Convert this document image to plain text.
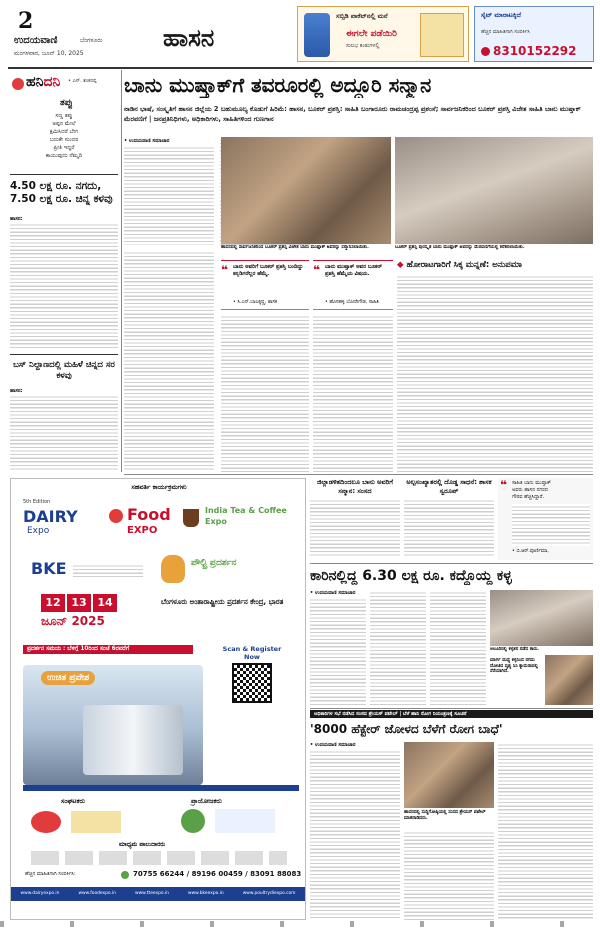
2
ಉದಯವಾಣಿ	ಬೆಂಗಳೂರು
ಮಂಗಳವಾರ, ಜೂನ್ 10, 2025
ಹಾಸನ
ಸಬ್ಸಿಡಿ ಪಾಕೆಟ್‌ನಲ್ಲಿ ಮನೆ
ಈಗಲೇ ಪಡೆಯಿರಿ
ಸುಲಭ ಕಂತುಗಳಲ್ಲಿ
ಸೈಟ್ ಮಾರಾಟಕ್ಕಿದೆ
ಹೆಚ್ಚಿನ ಮಾಹಿತಿಗಾಗಿ ಸಂಪರ್ಕಿಸಿ
8310152292
ಹನಿದನಿ • ಎಸ್. ಶಂಕರಪ್ಪ
ತಪ್ಪು
ಸಣ್ಣ ತಪ್ಪು
ಅಪ್ಪನ ಮೇಲೆ
ಕ್ಷಮಿಸಿದರೆ ಬೇಗ
ಬದುಕೇ ಸುಂದರ
ಪ್ರೀತಿ ಇದ್ದರೆ
ಕಾಯುವುದು ನೆಮ್ಮದಿ
4.50 ಲಕ್ಷ ರೂ. ನಗದು, 7.50 ಲಕ್ಷ ರೂ. ಚಿನ್ನ ಕಳವು
ಹಾಸನ:
ಬಸ್ ನಿಲ್ದಾಣದಲ್ಲಿ ಮಹಿಳೆ ಚಿನ್ನದ ಸರ ಕಳವು
ಹಾಸನ:
ಬಾನು ಮುಷ್ತಾಕ್‌ಗೆ ತವರೂರಲ್ಲಿ ಅದ್ದೂರಿ ಸನ್ಮಾನ
ನಾಡಿನ ಭಾಷೆ, ಸಂಸ್ಕೃತಿಗೆ ಹಾಸನ ಜಿಲ್ಲೆಯ 2 ಬಹುಮೂಲ್ಯ ಕೊಡುಗೆ ಹಿರಿಮೆ: ಹಾಸನ, ಬೂಕರ್ ಪ್ರಶಸ್ತಿ: ಸಾಹಿತಿ ಬಂಗಾರೂರು ರಾಮಚಂದ್ರಪ್ಪ ಪ್ರಶಂಸೆ; ಸಾರ್ವಜನಿಕರಿಂದ ಬೂಕರ್ ಪ್ರಶಸ್ತಿ ವಿಜೇತ ಸಾಹಿತಿ ಬಾನು ಮುಷ್ತಾಕ್ ಮೆರವಣಿಗೆ | ಜನಪ್ರತಿನಿಧಿಗಳು, ಅಧಿಕಾರಿಗಳು, ಸಾಹಿತಿಗಳಿಂದ ಗುಣಗಾನ
• ಉದಯವಾಣಿ ಸಮಾಚಾರ
ಹಾಸನದಲ್ಲಿ ಸಾರ್ವಜನಿಕರಿಂದ ಬೂಕರ್ ಪ್ರಶಸ್ತಿ ವಿಜೇತ ಬಾನು ಮುಷ್ತಾಕ್ ಅವರನ್ನು ಸನ್ಮಾನಿಸಲಾಯಿತು.	ಬೂಕರ್ ಪ್ರಶಸ್ತಿ ಪುರಸ್ಕೃತ ಬಾನು ಮುಷ್ತಾಕ್ ಅವರನ್ನು ಮೆರವಣಿಗೆಯಲ್ಲಿ ಕರೆತರಲಾಯಿತು.
❝ ಬಾನು ಅವರಿಗೆ ಬೂಕರ್ ಪ್ರಶಸ್ತಿ ಬಂದಿದ್ದು ಕನ್ನಡಿಗರೆಲ್ಲರ ಹೆಮ್ಮೆ.
• ಸಿ.ಎನ್.ಬಾಲಕೃಷ್ಣ, ಶಾಸಕ
❝ ಬಾನು ಮುಷ್ತಾಕ್ ಅವರ ಬೂಕರ್ ಪ್ರಶಸ್ತಿ ಹೆಮ್ಮೆಯ ವಿಷಯ.
• ಹೊಸಹಳ್ಳಿ ಬೋರೇಗೌಡ, ಸಾಹಿತಿ
◆ ಹೋರಾಟಗಾರಿಗೆ ಸಿಕ್ಕ ಮನ್ನಣೆ: ಅನುಪಮಾ
ಜಿಲ್ಲಾಡಳಿತದಿಂದಲೂ ಬಾನು ಅವರಿಗೆ ಸನ್ಮಾನ: ಸಂಸದ
ಅಲ್ಪಸಂಖ್ಯಾತರಲ್ಲಿ ದೊಡ್ಡ ಸಾಧನೆ: ಶಾಸಕ ಸ್ವರೂಪ್	❝ ಸಾಹಿತಿ ಬಾನು ಮುಷ್ತಾಕ್
ಅವರು ಹಾಸನ ನಗರದ
ಗೌರವ ಹೆಚ್ಚಿಸಿದ್ದಾರೆ.
• ಬಿ.ಆರ್.ಪೂರ್ಣಿಮಾ,
ಸಹವರ್ತಿ ಕಾರ್ಯಕ್ರಮಗಳು
5th Edition
DAIRY
Expo
Food
EXPO
India Tea & Coffee Expo
BKE	ಪೌಲ್ಟ್ರಿ ಪ್ರದರ್ಶನ
12 13 14
ಜೂನ್ 2025
ಬೆಂಗಳೂರು ಅಂತಾರಾಷ್ಟ್ರೀಯ ಪ್ರದರ್ಶನ ಕೇಂದ್ರ, ಭಾರತ
ಪ್ರದರ್ಶನ ಸಮಯ : ಬೆಳಿಗ್ಗೆ 10ರಿಂದ ಸಂಜೆ 6ರವರೆಗೆ	Scan & Register Now
ಉಚಿತ ಪ್ರವೇಶ
ಸಂಘಟಕರು	ಪ್ರಾಯೋಜಕರು
ಮಾಧ್ಯಮ ಪಾಲುದಾರರು
ಹೆಚ್ಚಿನ ಮಾಹಿತಿಗಾಗಿ ಸಂಪರ್ಕಿಸಿ:	70755 66244 / 89196 00459 / 83091 88083
www.dairyexpo.in	www.foodexpo.in	www.tteexpo.in	www.bkeexpo.in	www.poultrydiexpo.com
ಕಾರಿನಲ್ಲಿದ್ದ 6.30 ಲಕ್ಷ ರೂ. ಕದ್ದೊಯ್ದ ಕಳ್ಳ
• ಉದಯವಾಣಿ ಸಮಾಚಾರ
ಆಲೂರಿನಲ್ಲಿ ಕಳ್ಳತನ ನಡೆದ ಕಾರು.
ಮಾರ್ಗ ಮಧ್ಯೆ ಕಳ್ಳನಿಂದ ನಗದು ದೋಚಿದ ದೃಶ್ಯ ಸಿಸಿ ಕ್ಯಾಮರಾದಲ್ಲಿ ಸೆರೆಯಾಗಿದೆ.
ಅಧಿಕಾರಿಗಳ ಸಭೆ ನಡೆಸಿದ ಸಂಸದ ಶ್ರೇಯಸ್ ಪಟೇಲ್ | ಬೆಳೆ ಹಾನಿ ರೋಗ ನಿಯಂತ್ರಣಕ್ಕೆ ಸೂಚನೆ
'8000 ಹೆಕ್ಟೇರ್ ಜೋಳದ ಬೆಳೆಗೆ ರೋಗ ಬಾಧೆ'
• ಉದಯವಾಣಿ ಸಮಾಚಾರ
ಹಾಸನದಲ್ಲಿ ಸುದ್ದಿಗೋಷ್ಠಿಯಲ್ಲಿ ಸಂಸದ ಶ್ರೇಯಸ್ ಪಟೇಲ್ ಮಾತನಾಡಿದರು.
